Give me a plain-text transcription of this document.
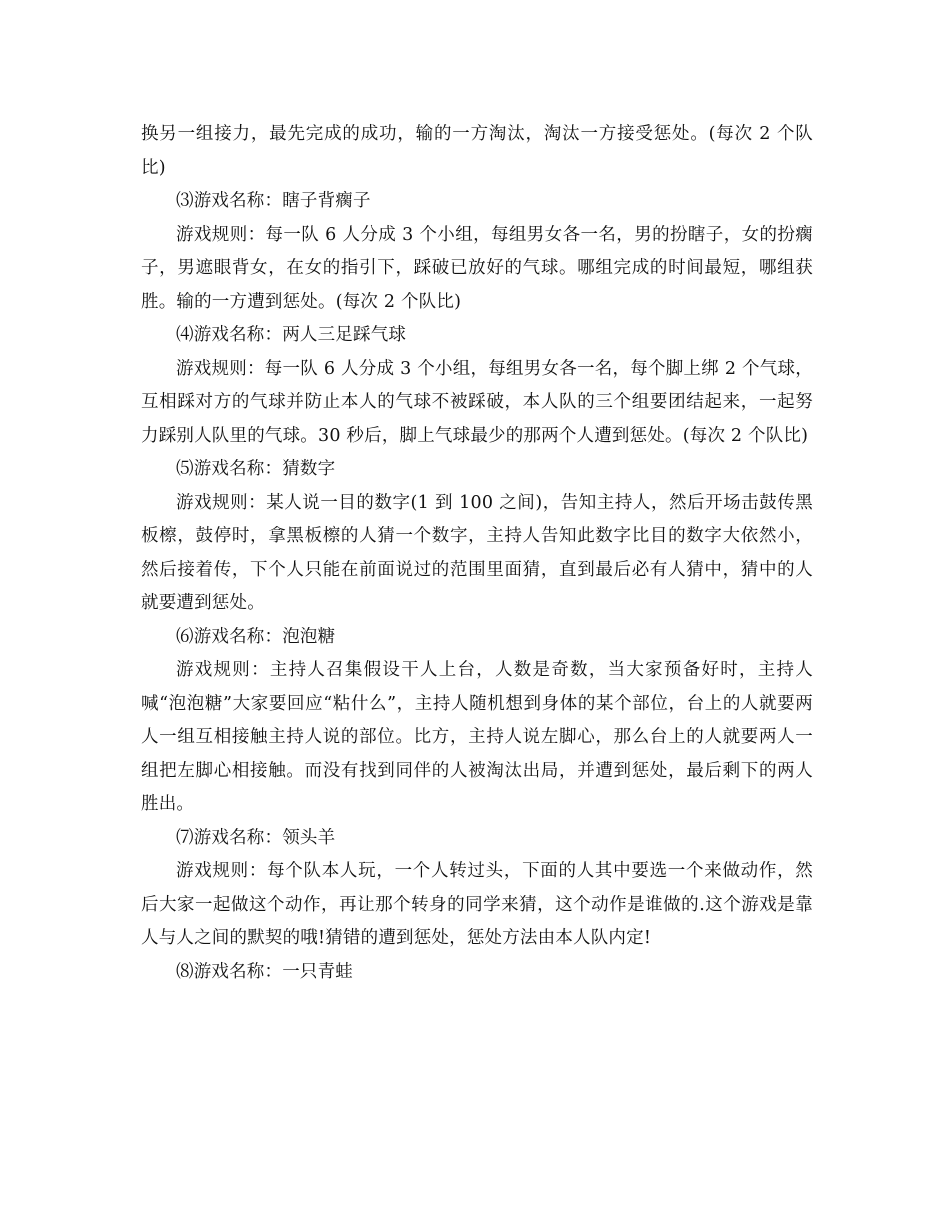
换另一组接力，最先完成的成功，输的一方淘汰，淘汰一方接受惩处。(每次 2 个队比)

⑶游戏名称：瞎子背瘸子

游戏规则：每一队 6 人分成 3 个小组，每组男女各一名，男的扮瞎子，女的扮瘸子，男遮眼背女，在女的指引下，踩破已放好的气球。哪组完成的时间最短，哪组获胜。输的一方遭到惩处。(每次 2 个队比)

⑷游戏名称：两人三足踩气球

游戏规则：每一队 6 人分成 3 个小组，每组男女各一名，每个脚上绑 2 个气球，互相踩对方的气球并防止本人的气球不被踩破，本人队的三个组要团结起来，一起努力踩别人队里的气球。30 秒后，脚上气球最少的那两个人遭到惩处。(每次 2 个队比)

⑸游戏名称：猜数字

游戏规则：某人说一目的数字(1 到 100 之间)，告知主持人，然后开场击鼓传黑板檫，鼓停时，拿黑板檫的人猜一个数字，主持人告知此数字比目的数字大依然小，然后接着传，下个人只能在前面说过的范围里面猜，直到最后必有人猜中，猜中的人就要遭到惩处。

⑹游戏名称：泡泡糖

游戏规则：主持人召集假设干人上台，人数是奇数，当大家预备好时，主持人喊“泡泡糖”大家要回应“粘什么”，主持人随机想到身体的某个部位，台上的人就要两人一组互相接触主持人说的部位。比方，主持人说左脚心，那么台上的人就要两人一组把左脚心相接触。而没有找到同伴的人被淘汰出局，并遭到惩处，最后剩下的两人胜出。

⑺游戏名称：领头羊

游戏规则：每个队本人玩，一个人转过头，下面的人其中要选一个来做动作，然后大家一起做这个动作，再让那个转身的同学来猜，这个动作是谁做的.这个游戏是靠人与人之间的默契的哦!猜错的遭到惩处，惩处方法由本人队内定!

⑻游戏名称：一只青蛙
